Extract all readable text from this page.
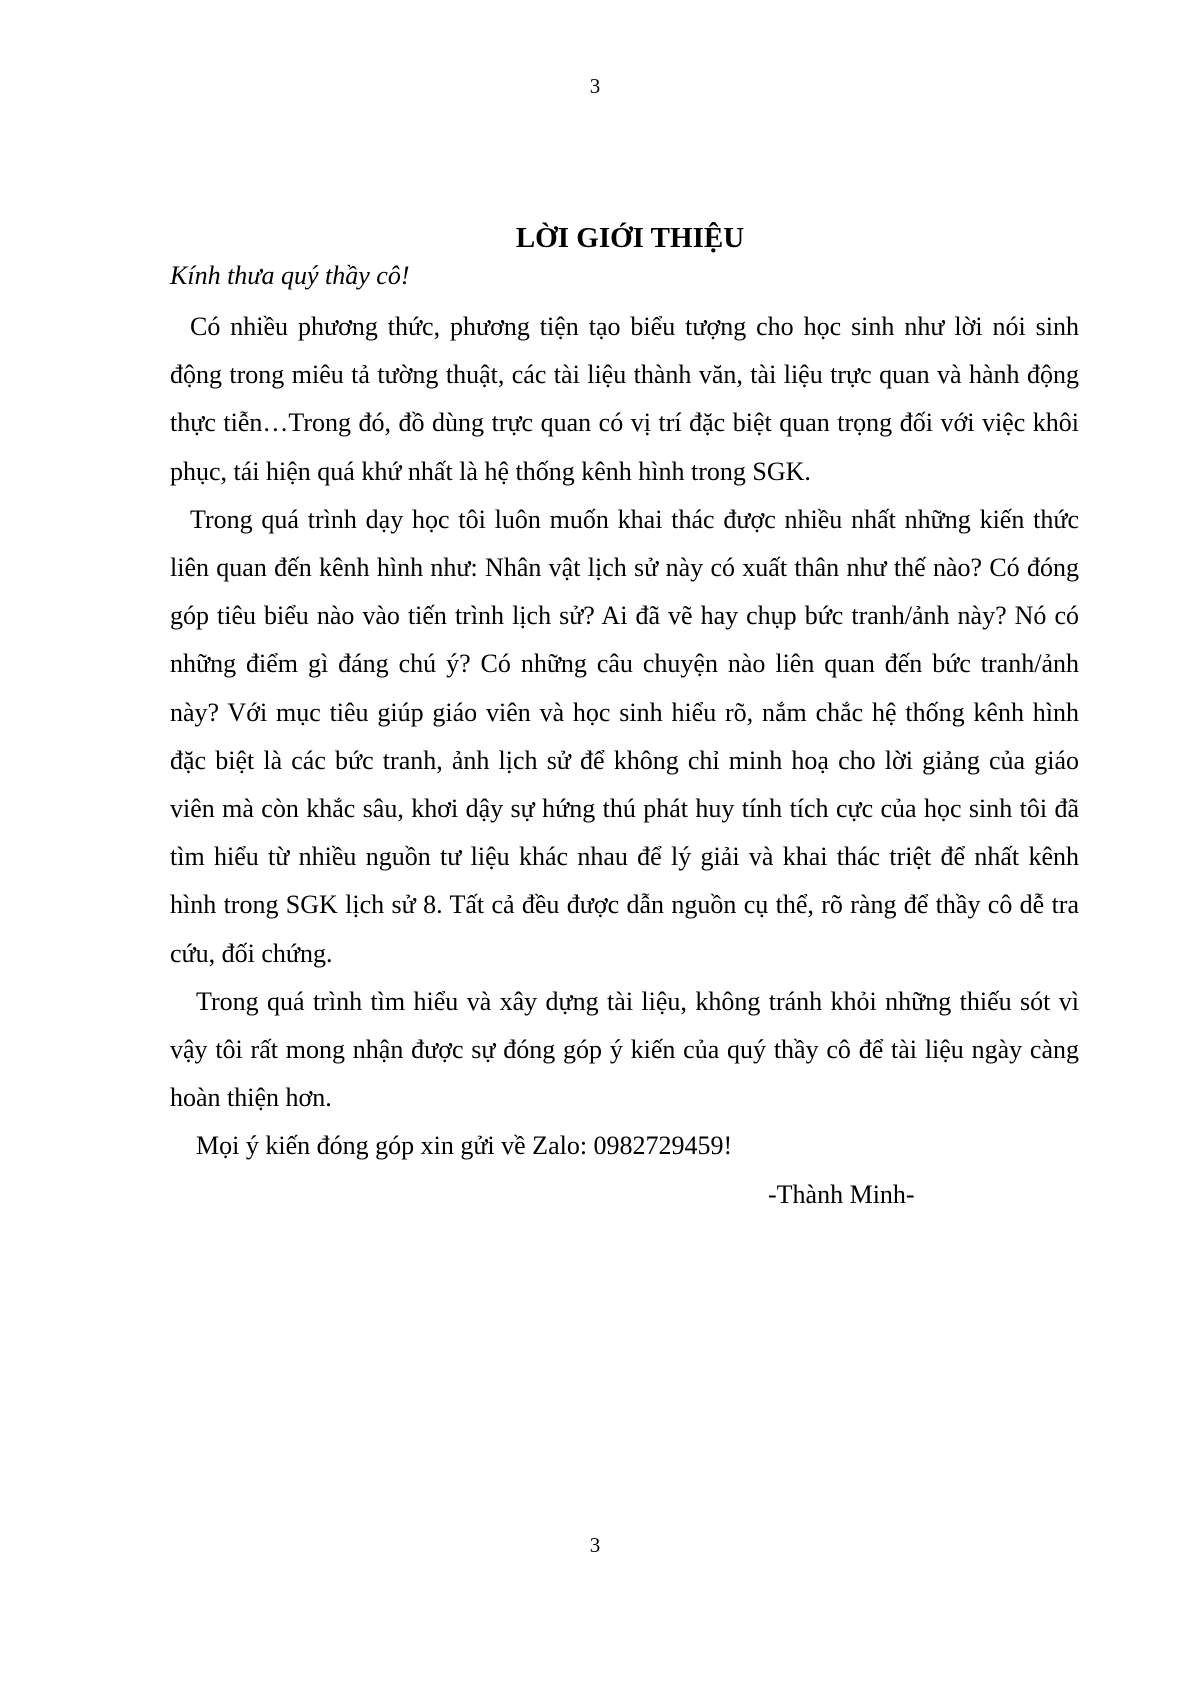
3
LỜI GIỚI THIỆU

Kính thưa quý thầy cô!

Có nhiều phương thức, phương tiện tạo biểu tượng cho học sinh như lời nói sinh động trong miêu tả tường thuật, các tài liệu thành văn, tài liệu trực quan và hành động thực tiễn…Trong đó, đồ dùng trực quan có vị trí đặc biệt quan trọng đối với việc khôi phục, tái hiện quá khứ nhất là hệ thống kênh hình trong SGK.

Trong quá trình dạy học tôi luôn muốn khai thác được nhiều nhất những kiến thức liên quan đến kênh hình như: Nhân vật lịch sử này có xuất thân như thế nào? Có đóng góp tiêu biểu nào vào tiến trình lịch sử? Ai đã vẽ hay chụp bức tranh/ảnh này? Nó có những điểm gì đáng chú ý? Có những câu chuyện nào liên quan đến bức tranh/ảnh này? Với mục tiêu giúp giáo viên và học sinh hiểu rõ, nắm chắc hệ thống kênh hình đặc biệt là các bức tranh, ảnh lịch sử để không chỉ minh hoạ cho lời giảng của giáo viên mà còn khắc sâu, khơi dậy sự hứng thú phát huy tính tích cực của học sinh tôi đã tìm hiểu từ nhiều nguồn tư liệu khác nhau để lý giải và khai thác triệt để nhất kênh hình trong SGK lịch sử 8. Tất cả đều được dẫn nguồn cụ thể, rõ ràng để thầy cô dễ tra cứu, đối chứng.

Trong quá trình tìm hiểu và xây dựng tài liệu, không tránh khỏi những thiếu sót vì vậy tôi rất mong nhận được sự đóng góp ý kiến của quý thầy cô để tài liệu ngày càng hoàn thiện hơn.

Mọi ý kiến đóng góp xin gửi về Zalo: 0982729459!

-Thành Minh-

3
